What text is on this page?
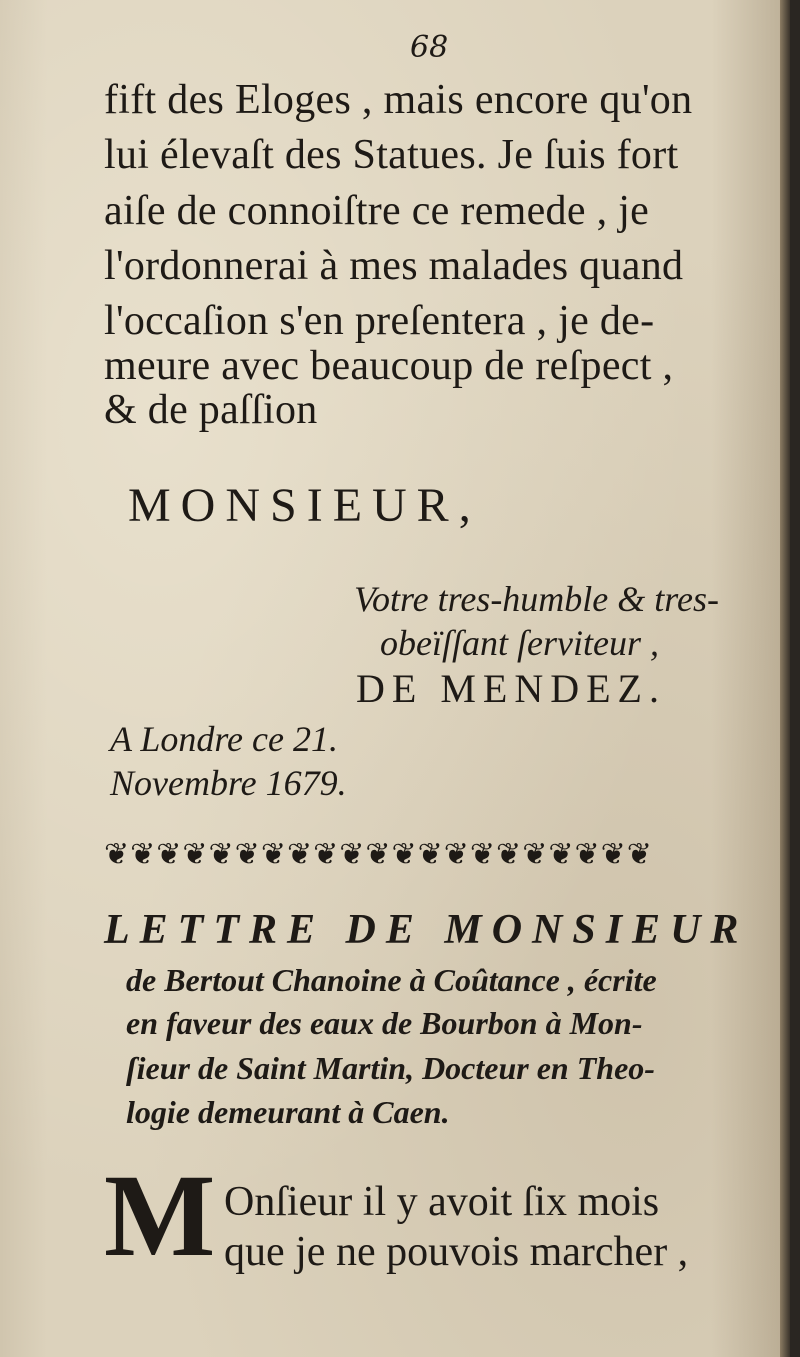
68
fift des Eloges , mais encore qu'on
lui élevaſt des Statues. Je ſuis fort
aiſe de connoiſtre ce remede , je
l'ordonnerai à mes malades quand
l'occaſion s'en preſentera , je de-
meure avec beaucoup de reſpect ,
& de paſſion
MONSIEUR,
Votre tres-humble & tres-
obeïſſant ſerviteur ,
DE MENDEZ.
A Londre ce 21.
Novembre 1679.
❦❦❦❦❦❦❦❦❦❦❦❦❦❦❦❦❦❦❦❦❦
LETTRE DE MONSIEUR
de Bertout Chanoine à Coûtance , écrite
en faveur des eaux de Bourbon à Mon-
ſieur de Saint Martin, Docteur en Theo-
logie demeurant à Caen.
M Onſieur il y avoit ſix mois
que je ne pouvois marcher ,
